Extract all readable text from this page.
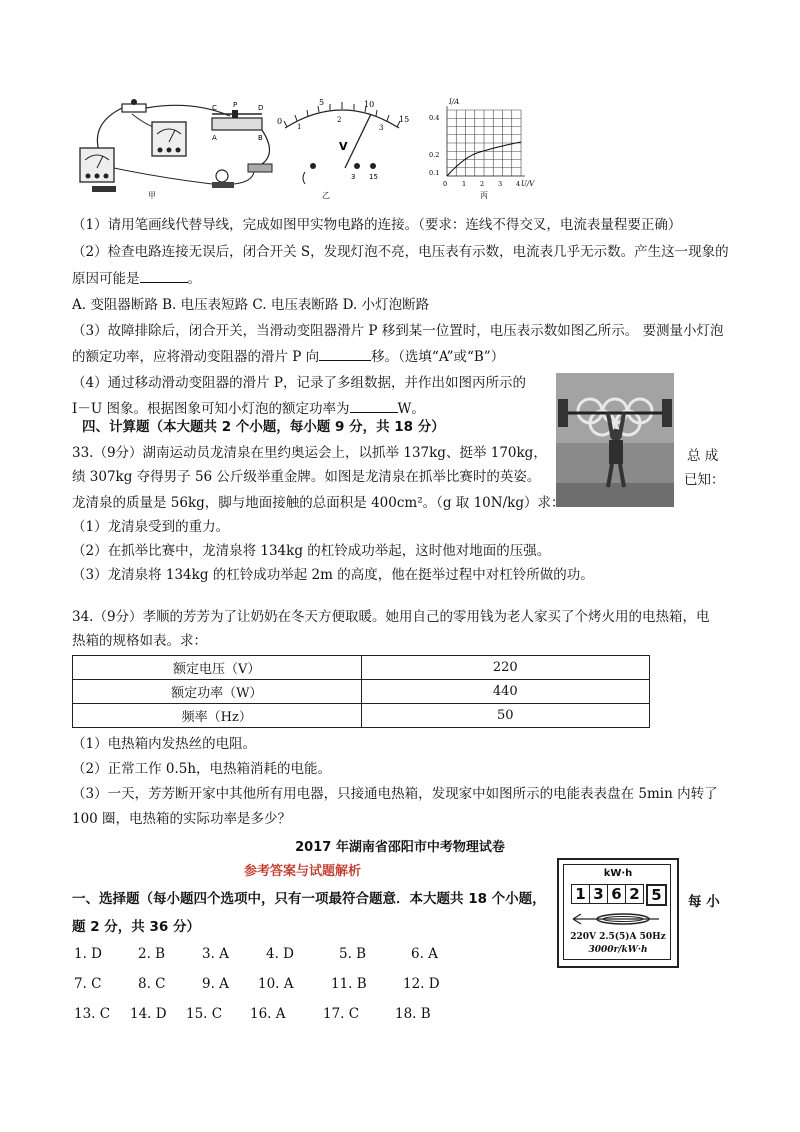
C P	D
A	B
甲
5	10
15
0
1
2
3
V
3 15
乙
I/A
U/V
0.4
0.2
0.1
0 1 2 3 4
丙
（1）请用笔画线代替导线，完成如图甲实物电路的连接。（要求：连线不得交叉，电流表量程要正确）
（2）检查电路连接无误后，闭合开关 S，发现灯泡不亮，电压表有示数，电流表几乎无示数。产生这一现象的
原因可能是	。
A. 变阻器断路 B. 电压表短路 C. 电压表断路 D. 小灯泡断路
（3）故障排除后，闭合开关，当滑动变阻器滑片 P 移到某一位置时，电压表示数如图乙所示。 要测量小灯泡
的额定功率，应将滑动变阻器的滑片 P 向	移。（选填“A”或“B”）
（4）通过移动滑动变阻器的滑片 P，记录了多组数据，并作出如图丙所示的
I－U 图象。根据图象可知小灯泡的额定功率为	W。
四、计算题（本大题共 2 个小题，每小题 9 分，共 18 分）
33.（9分）湖南运动员龙清泉在里约奥运会上，以抓举 137kg、挺举 170kg，	总 成
绩 307kg 夺得男子 56 公斤级举重金牌。如图是龙清泉在抓举比赛时的英姿。	已知：
龙清泉的质量是 56kg，脚与地面接触的总面积是 400cm²。（g 取 10N/kg）求：
（1）龙清泉受到的重力。
（2）在抓举比赛中，龙清泉将 134kg 的杠铃成功举起，这时他对地面的压强。
（3）龙清泉将 134kg 的杠铃成功举起 2m 的高度，他在挺举过程中对杠铃所做的功。
34.（9分）孝顺的芳芳为了让奶奶在冬天方便取暖。她用自己的零用钱为老人家买了个烤火用的电热箱，电
热箱的规格如表。求：
额定电压（V）	220
额定功率（W）	440
频率（Hz）	50
（1）电热箱内发热丝的电阻。
（2）正常工作 0.5h，电热箱消耗的电能。
（3）一天，芳芳断开家中其他所有用电器，只接通电热箱，发现家中如图所示的电能表表盘在 5min 内转了
100 圈，电热箱的实际功率是多少？
2017 年湖南省邵阳市中考物理试卷
参考答案与试题解析	kW·h
1 3 6 2 5
220V 2.5(5)A 50Hz
3000r/kW·h
一、选择题（每小题四个选项中，只有一项最符合题意．本大题共 18 个小题，	每 小
题 2 分，共 36 分）
1. D	2. B	3. A	4. D	5. B	6. A
7. C	8. C	9. A 10. A	11. B	12. D
13. C 14. D 15. C 16. A	17. C	18. B
